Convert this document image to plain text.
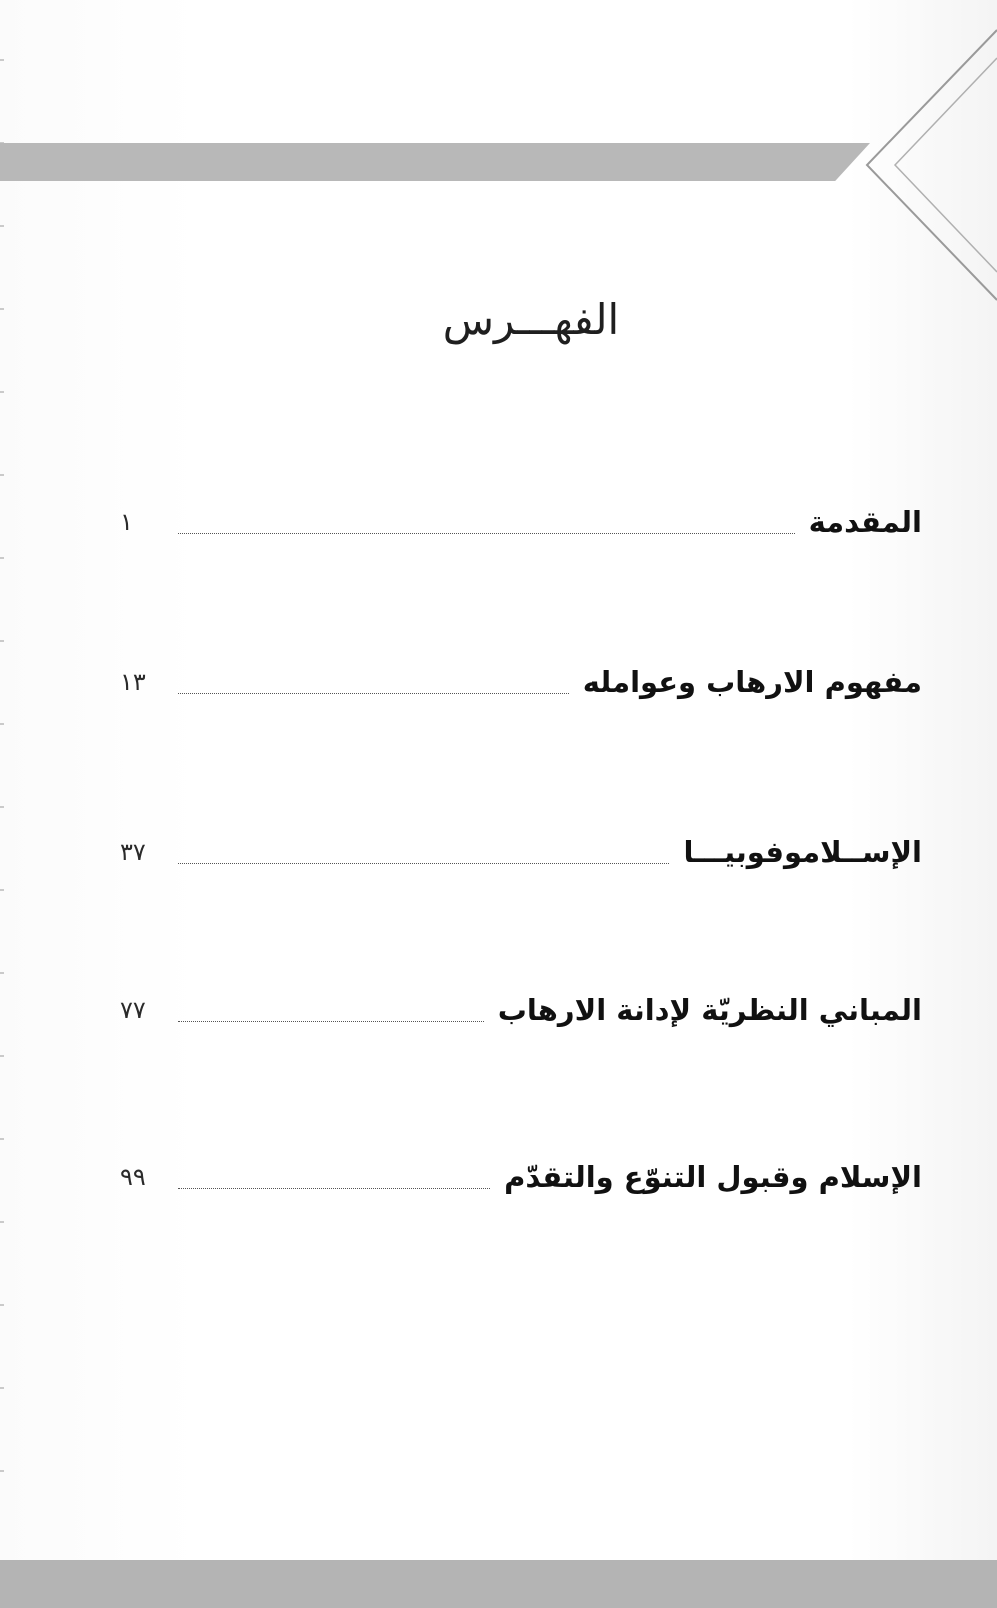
الفهـــرس
المقدمة
١
مفهوم الارهاب وعوامله
١٣
الإســلاموفوبيـــا
٣٧
المباني النظريّة لإدانة الارهاب
٧٧
الإسلام وقبول التنوّع والتقدّم
٩٩
